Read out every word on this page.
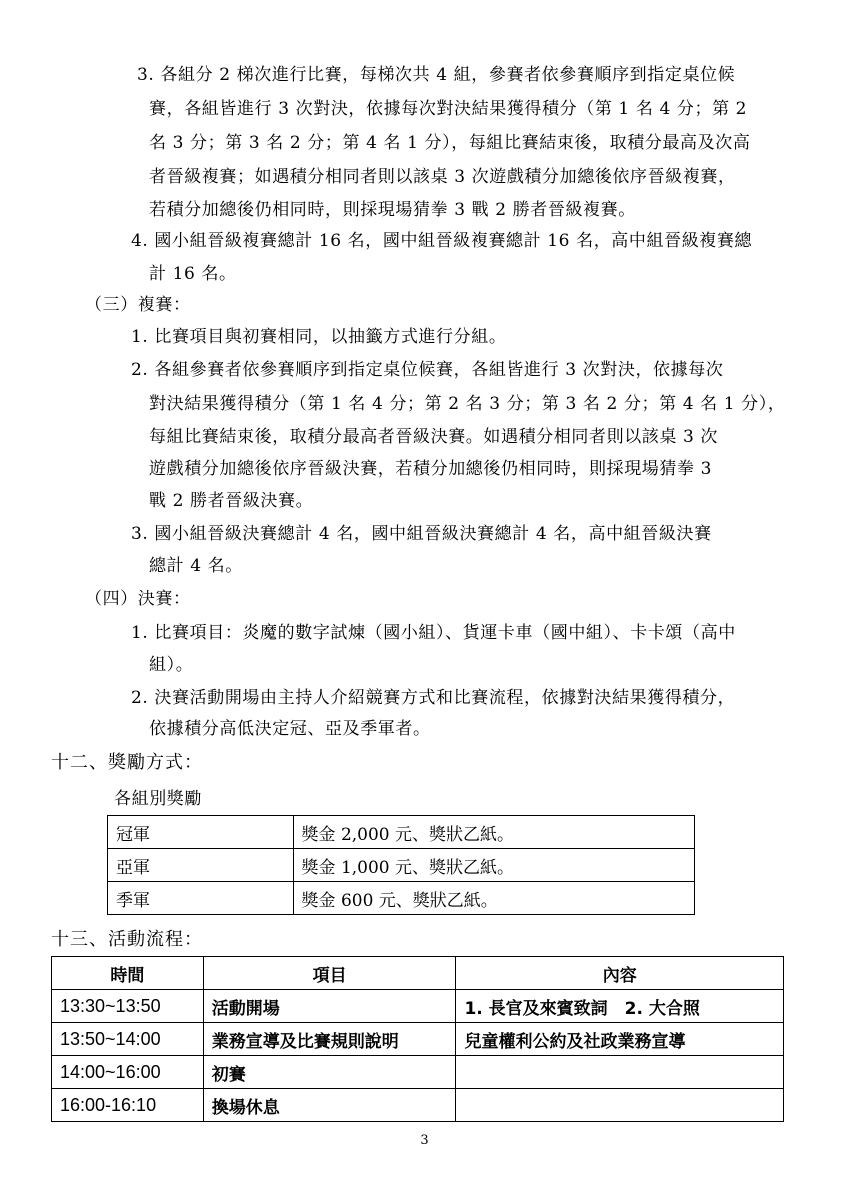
3. 各組分 2 梯次進行比賽，每梯次共 4 組，參賽者依參賽順序到指定桌位候
賽，各組皆進行 3 次對決，依據每次對決結果獲得積分（第 1 名 4 分；第 2
名 3 分；第 3 名 2 分；第 4 名 1 分），每組比賽結束後，取積分最高及次高
者晉級複賽；如遇積分相同者則以該桌 3 次遊戲積分加總後依序晉級複賽，
若積分加總後仍相同時，則採現場猜拳 3 戰 2 勝者晉級複賽。
4. 國小組晉級複賽總計 16 名，國中組晉級複賽總計 16 名，高中組晉級複賽總
計 16 名。
（三）複賽：
1. 比賽項目與初賽相同，以抽籤方式進行分組。
2. 各組參賽者依參賽順序到指定桌位候賽，各組皆進行 3 次對決，依據每次
對決結果獲得積分（第 1 名 4 分；第 2 名 3 分；第 3 名 2 分；第 4 名 1 分），
每組比賽結束後，取積分最高者晉級決賽。如遇積分相同者則以該桌 3 次
遊戲積分加總後依序晉級決賽，若積分加總後仍相同時，則採現場猜拳 3
戰 2 勝者晉級決賽。
3. 國小組晉級決賽總計 4 名，國中組晉級決賽總計 4 名，高中組晉級決賽
總計 4 名。
（四）決賽：
1. 比賽項目：炎魔的數字試煉（國小組）、貨運卡車（國中組）、卡卡頌（高中
組）。
2. 決賽活動開場由主持人介紹競賽方式和比賽流程，依據對決結果獲得積分，
依據積分高低決定冠、亞及季軍者。
十二、獎勵方式：
各組別獎勵
冠軍	獎金 2,000 元、獎狀乙紙。
亞軍	獎金 1,000 元、獎狀乙紙。
季軍	獎金 600 元、獎狀乙紙。
十三、活動流程：
時間	項目	內容
13:30~13:50	活動開場	1. 長官及來賓致詞　2. 大合照
13:50~14:00	業務宣導及比賽規則說明	兒童權利公約及社政業務宣導
14:00~16:00	初賽	
16:00-16:10	換場休息	
3
